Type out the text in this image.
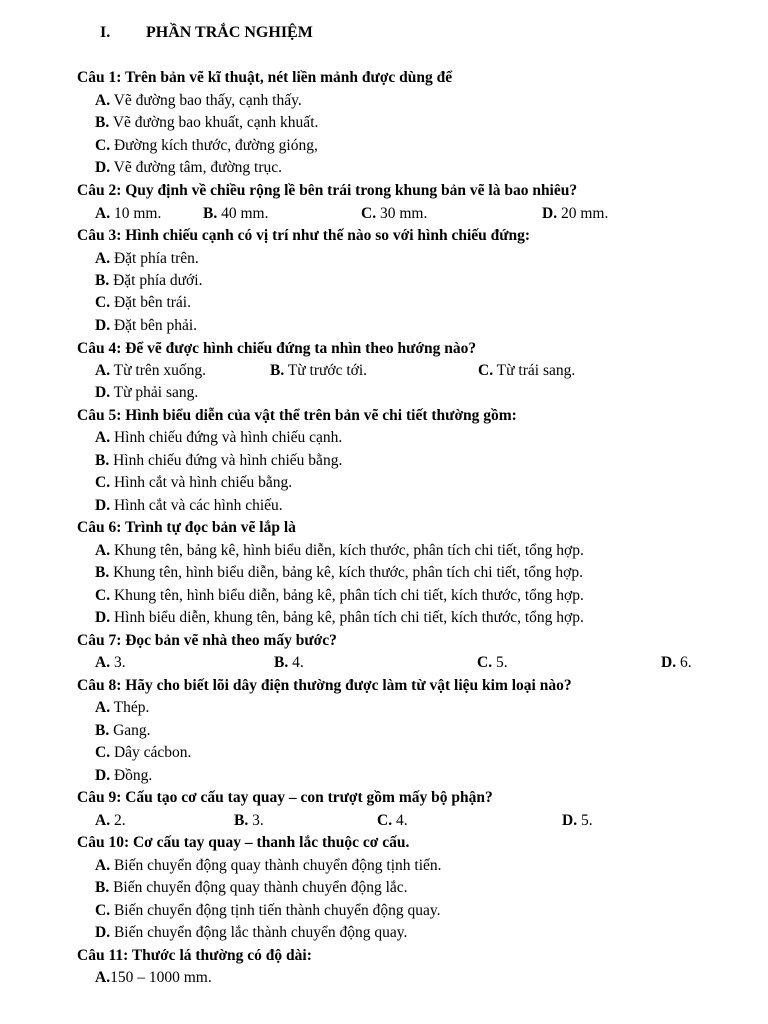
I. PHẦN TRẮC NGHIỆM
Câu 1: Trên bản vẽ kĩ thuật, nét liền mảnh được dùng để
A. Vẽ đường bao thấy, cạnh thấy.
B. Vẽ đường bao khuất, cạnh khuất.
C. Đường kích thước, đường gióng,
D. Vẽ đường tâm, đường trục.
Câu 2: Quy định về chiều rộng lề bên trái trong khung bản vẽ là bao nhiêu?
A. 10 mm.	B. 40 mm.	C. 30 mm.	D. 20 mm.
Câu 3: Hình chiếu cạnh có vị trí như thế nào so với hình chiếu đứng:
A. Đặt phía trên.
B. Đặt phía dưới.
C. Đặt bên trái.
D. Đặt bên phải.
Câu 4: Để vẽ được hình chiếu đứng ta nhìn theo hướng nào?
A. Từ trên xuống.	B. Từ trước tới.	C. Từ trái sang.
D. Từ phải sang.
Câu 5: Hình biểu diễn của vật thể trên bản vẽ chi tiết thường gồm:
A. Hình chiếu đứng và hình chiếu cạnh.
B. Hình chiếu đứng và hình chiếu bằng.
C. Hình cắt và hình chiếu bằng.
D. Hình cắt và các hình chiếu.
Câu 6: Trình tự đọc bản vẽ lắp là
A. Khung tên, bảng kê, hình biểu diễn, kích thước, phân tích chi tiết, tổng hợp.
B. Khung tên, hình biểu diễn, bảng kê, kích thước, phân tích chi tiết, tổng hợp.
C. Khung tên, hình biểu diễn, bảng kê, phân tích chi tiết, kích thước, tổng hợp.
D. Hình biểu diễn, khung tên, bảng kê, phân tích chi tiết, kích thước, tổng hợp.
Câu 7: Đọc bản vẽ nhà theo mấy bước?
A. 3.	B. 4.	C. 5.	D. 6.
Câu 8: Hãy cho biết lõi dây điện thường được làm từ vật liệu kim loại nào?
A. Thép.
B. Gang.
C. Dây cácbon.
D. Đồng.
Câu 9: Cấu tạo cơ cấu tay quay – con trượt gồm mấy bộ phận?
A. 2.	B. 3.	C. 4.	D. 5.
Câu 10: Cơ cấu tay quay – thanh lắc thuộc cơ cấu.
A. Biến chuyển động quay thành chuyển động tịnh tiến.
B. Biến chuyển động quay thành chuyển động lắc.
C. Biến chuyển động tịnh tiến thành chuyển động quay.
D. Biến chuyển động lắc thành chuyển động quay.
Câu 11: Thước lá thường có độ dài:
A.150 – 1000 mm.
